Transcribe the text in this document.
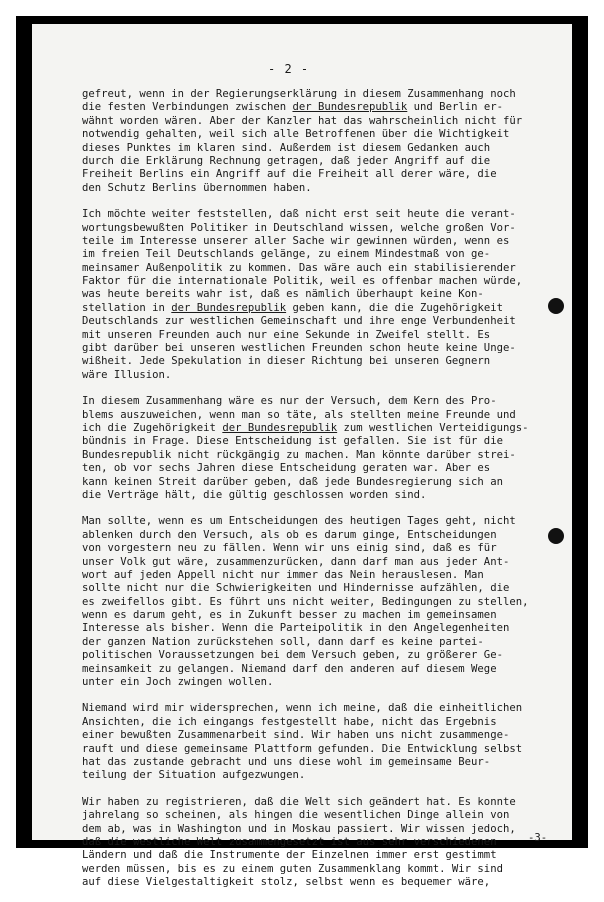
- 2 -
gefreut, wenn in der Regierungserklärung in diesem Zusammenhang noch
die festen Verbindungen zwischen der Bundesrepublik und Berlin er-
wähnt worden wären. Aber der Kanzler hat das wahrscheinlich nicht für
notwendig gehalten, weil sich alle Betroffenen über die Wichtigkeit
dieses Punktes im klaren sind. Außerdem ist diesem Gedanken auch
durch die Erklärung Rechnung getragen, daß jeder Angriff auf die
Freiheit Berlins ein Angriff auf die Freiheit all derer wäre, die
den Schutz Berlins übernommen haben.
Ich möchte weiter feststellen, daß nicht erst seit heute die verant-
wortungsbewußten Politiker in Deutschland wissen, welche großen Vor-
teile im Interesse unserer aller Sache wir gewinnen würden, wenn es
im freien Teil Deutschlands gelänge, zu einem Mindestmaß von ge-
meinsamer Außenpolitik zu kommen. Das wäre auch ein stabilisierender
Faktor für die internationale Politik, weil es offenbar machen würde,
was heute bereits wahr ist, daß es nämlich überhaupt keine Kon-
stellation in der Bundesrepublik geben kann, die die Zugehörigkeit
Deutschlands zur westlichen Gemeinschaft und ihre enge Verbundenheit
mit unseren Freunden auch nur eine Sekunde in Zweifel stellt. Es
gibt darüber bei unseren westlichen Freunden schon heute keine Unge-
wißheit. Jede Spekulation in dieser Richtung bei unseren Gegnern
wäre Illusion.
In diesem Zusammenhang wäre es nur der Versuch, dem Kern des Pro-
blems auszuweichen, wenn man so täte, als stellten meine Freunde und
ich die Zugehörigkeit der Bundesrepublik zum westlichen Verteidigungs-
bündnis in Frage. Diese Entscheidung ist gefallen. Sie ist für die
Bundesrepublik nicht rückgängig zu machen. Man könnte darüber strei-
ten, ob vor sechs Jahren diese Entscheidung geraten war. Aber es
kann keinen Streit darüber geben, daß jede Bundesregierung sich an
die Verträge hält, die gültig geschlossen worden sind.
Man sollte, wenn es um Entscheidungen des heutigen Tages geht, nicht
ablenken durch den Versuch, als ob es darum ginge, Entscheidungen
von vorgestern neu zu fällen. Wenn wir uns einig sind, daß es für
unser Volk gut wäre, zusammenzurücken, dann darf man aus jeder Ant-
wort auf jeden Appell nicht nur immer das Nein herauslesen. Man
sollte nicht nur die Schwierigkeiten und Hindernisse aufzählen, die
es zweifellos gibt. Es führt uns nicht weiter, Bedingungen zu stellen,
wenn es darum geht, es in Zukunft besser zu machen im gemeinsamen
Interesse als bisher. Wenn die Parteipolitik in den Angelegenheiten
der ganzen Nation zurückstehen soll, dann darf es keine partei-
politischen Voraussetzungen bei dem Versuch geben, zu größerer Ge-
meinsamkeit zu gelangen. Niemand darf den anderen auf diesem Wege
unter ein Joch zwingen wollen.
Niemand wird mir widersprechen, wenn ich meine, daß die einheitlichen
Ansichten, die ich eingangs festgestellt habe, nicht das Ergebnis
einer bewußten Zusammenarbeit sind. Wir haben uns nicht zusammenge-
rauft und diese gemeinsame Plattform gefunden. Die Entwicklung selbst
hat das zustande gebracht und uns diese wohl im gemeinsame Beur-
teilung der Situation aufgezwungen.
Wir haben zu registrieren, daß die Welt sich geändert hat. Es konnte
jahrelang so scheinen, als hingen die wesentlichen Dinge allein von
dem ab, was in Washington und in Moskau passiert. Wir wissen jedoch,
daß die westliche Welt zusammengesetzt ist aus sehr verschiedenen
Ländern und daß die Instrumente der Einzelnen immer erst gestimmt
werden müssen, bis es zu einem guten Zusammenklang kommt. Wir sind
auf diese Vielgestaltigkeit stolz, selbst wenn es bequemer wäre,
-3-
